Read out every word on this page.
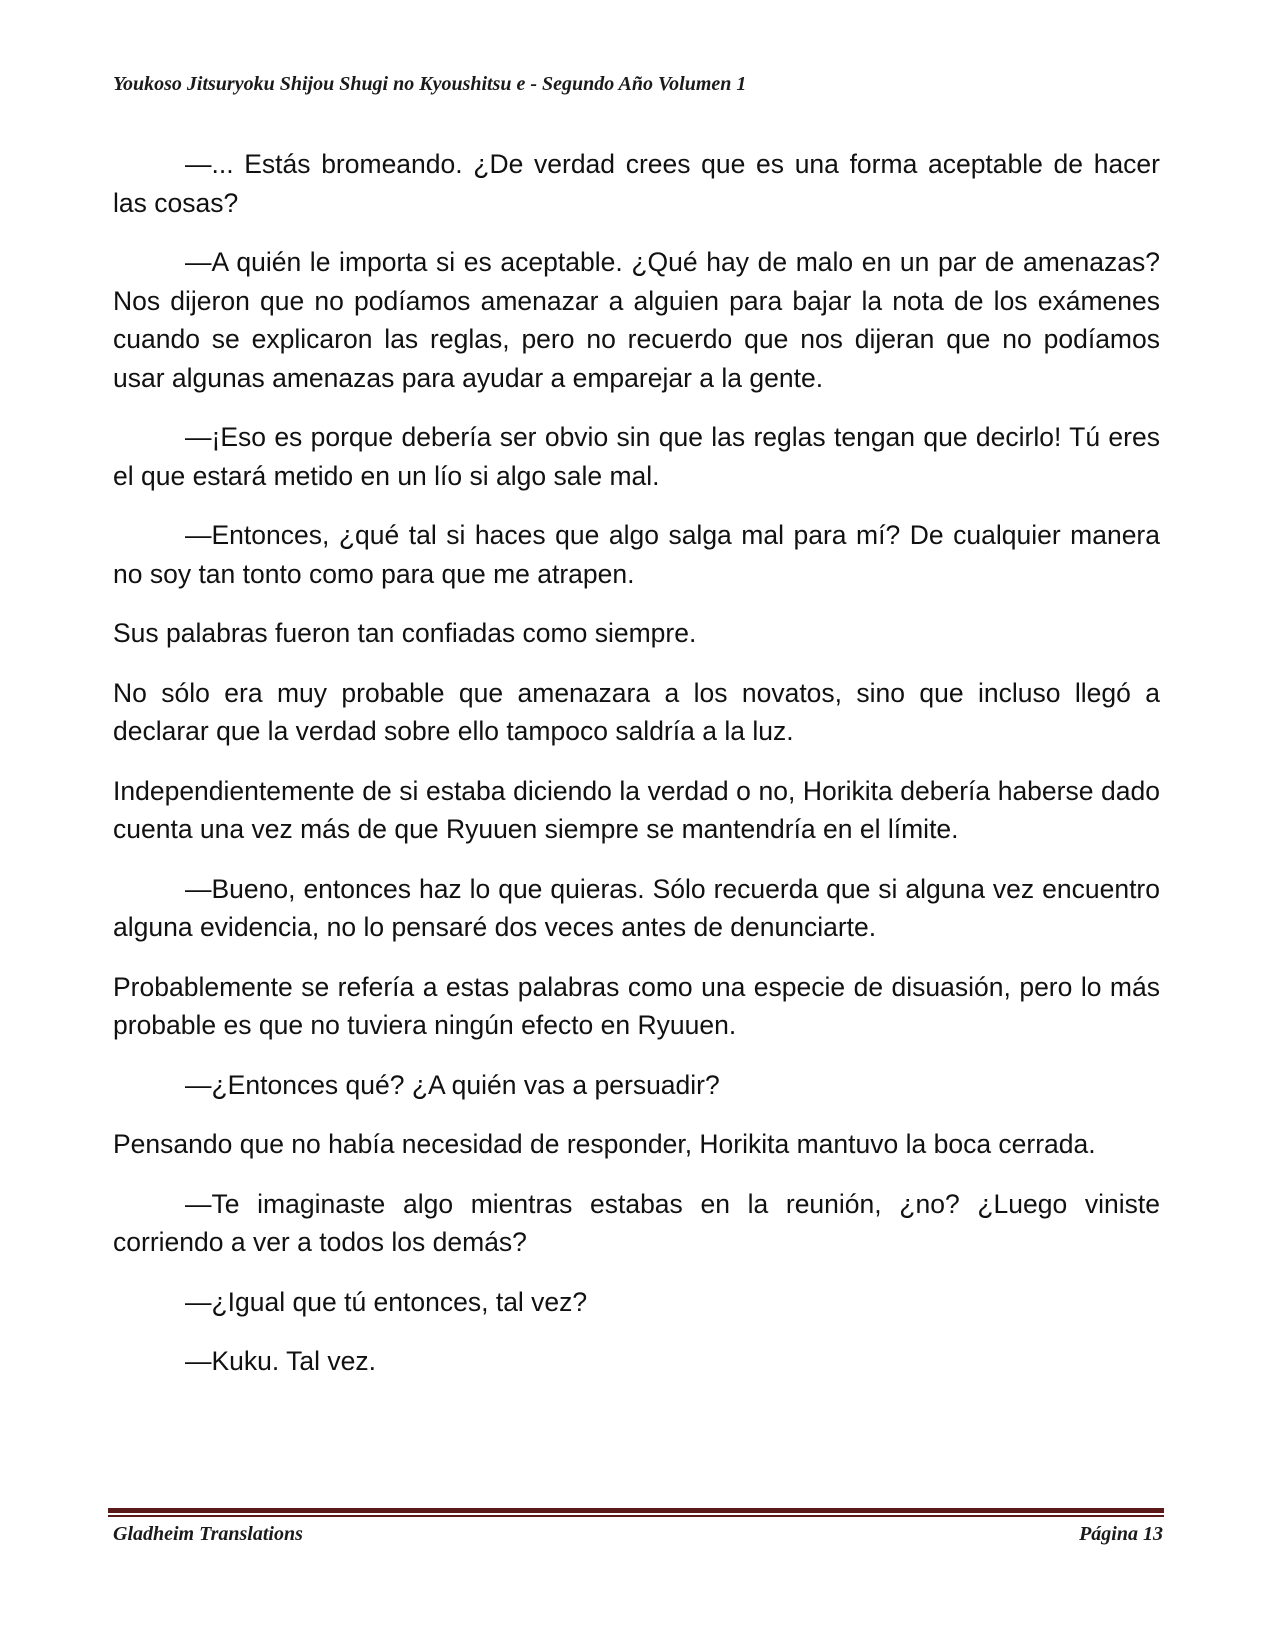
Youkoso Jitsuryoku Shijou Shugi no Kyoushitsu e - Segundo Año Volumen 1

—... Estás bromeando. ¿De verdad crees que es una forma aceptable de hacer las cosas?

—A quién le importa si es aceptable. ¿Qué hay de malo en un par de amenazas? Nos dijeron que no podíamos amenazar a alguien para bajar la nota de los exámenes cuando se explicaron las reglas, pero no recuerdo que nos dijeran que no podíamos usar algunas amenazas para ayudar a emparejar a la gente.

—¡Eso es porque debería ser obvio sin que las reglas tengan que decirlo! Tú eres el que estará metido en un lío si algo sale mal.

—Entonces, ¿qué tal si haces que algo salga mal para mí? De cualquier manera no soy tan tonto como para que me atrapen.

Sus palabras fueron tan confiadas como siempre.

No sólo era muy probable que amenazara a los novatos, sino que incluso llegó a declarar que la verdad sobre ello tampoco saldría a la luz.

Independientemente de si estaba diciendo la verdad o no, Horikita debería haberse dado cuenta una vez más de que Ryuuen siempre se mantendría en el límite.

—Bueno, entonces haz lo que quieras. Sólo recuerda que si alguna vez encuentro alguna evidencia, no lo pensaré dos veces antes de denunciarte.

Probablemente se refería a estas palabras como una especie de disuasión, pero lo más probable es que no tuviera ningún efecto en Ryuuen.

—¿Entonces qué? ¿A quién vas a persuadir?

Pensando que no había necesidad de responder, Horikita mantuvo la boca cerrada.

—Te imaginaste algo mientras estabas en la reunión, ¿no? ¿Luego viniste corriendo a ver a todos los demás?

—¿Igual que tú entonces, tal vez?

—Kuku. Tal vez.

Gladheim Translations	Página 13
